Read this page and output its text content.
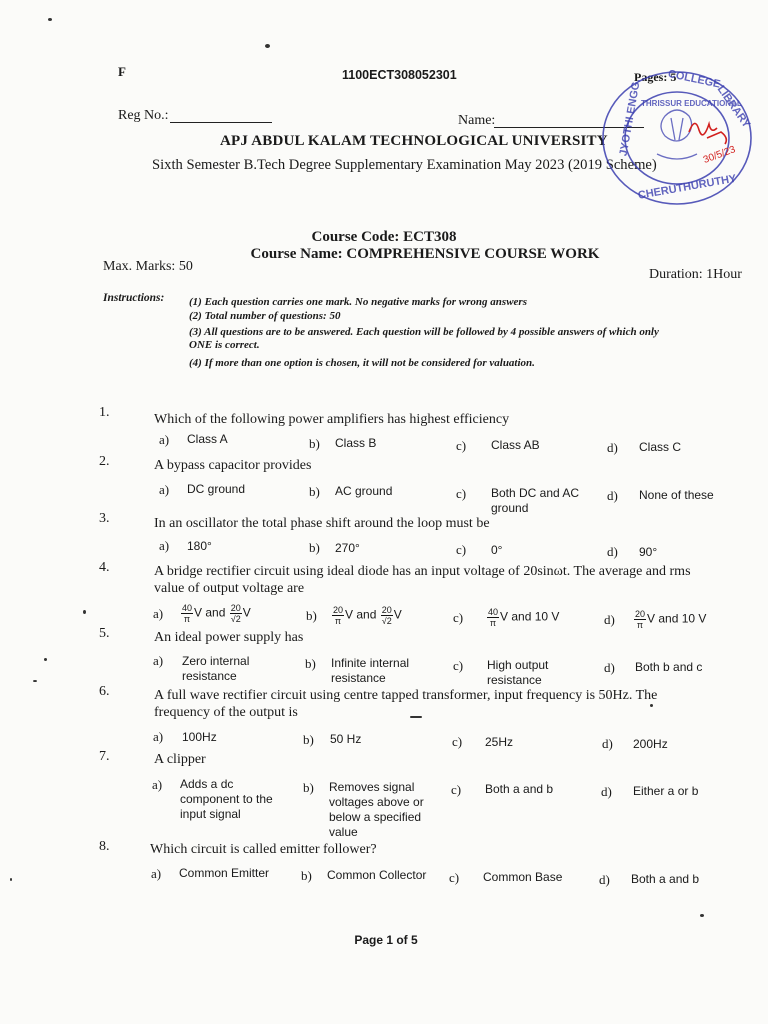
F	1100ECT308052301	Pages: 5
Reg No.:	Name:
APJ ABDUL KALAM TECHNOLOGICAL UNIVERSITY
Sixth Semester B.Tech Degree Supplementary Examination May 2023 (2019 Scheme)
COLLEGE
LIBRARY
CHERUTHURUTHY
THRISSUR EDUCATIONAL
JYOTHI ENGG.	30/5/23
Course Code: ECT308
Course Name: COMPREHENSIVE COURSE WORK
Max. Marks: 50
Duration: 1Hour
Instructions: (1) Each question carries one mark. No negative marks for wrong answers
(2) Total number of questions: 50
(3) All questions are to be answered. Each question will be followed by 4 possible answers of which only ONE is correct.
(4) If more than one option is chosen, it will not be considered for valuation.
1.	Which of the following power amplifiers has highest efficiency
a) Class A	b) Class B	c) Class AB	d) Class C
2.	A bypass capacitor provides
a) DC ground	b) AC ground	c) Both DC and AC ground
d) None of these
3.	In an oscillator the total phase shift around the loop must be
a) 180°	b) 270°	c) 0°	d) 90°
4.	A bridge rectifier circuit using ideal diode has an input voltage of 20sinωt. The average and rms value of output voltage are
$a) \frac{40}{\pi}$ V and $\frac{20}{√2}$ V	$b) \frac{20}{\pi}$ V and $\frac{20}{√2}$ V	c)	$\frac{40}{\pi}$ V and 10 V	$d) \frac{20}{\pi}$ V and 10 V
5.	An ideal power supply has
a) Zero internal resistance
b) Infinite internal resistance
c) High output resistance
d) Both b and c
6.	A full wave rectifier circuit using centre tapped transformer, input frequency is 50Hz. The frequency of the output is
a) 100Hz	b) 50 Hz	c) 25Hz	d) 200Hz
7.	A clipper
a) Adds a dc component to the input signal
b) Removes signal voltages above or below a specified value
c) Both a and b	d) Either a or b
8.	Which circuit is called emitter follower?
a) Common Emitter b) Common Collector c) Common Base	d) Both a and b
Page 1 of 5
